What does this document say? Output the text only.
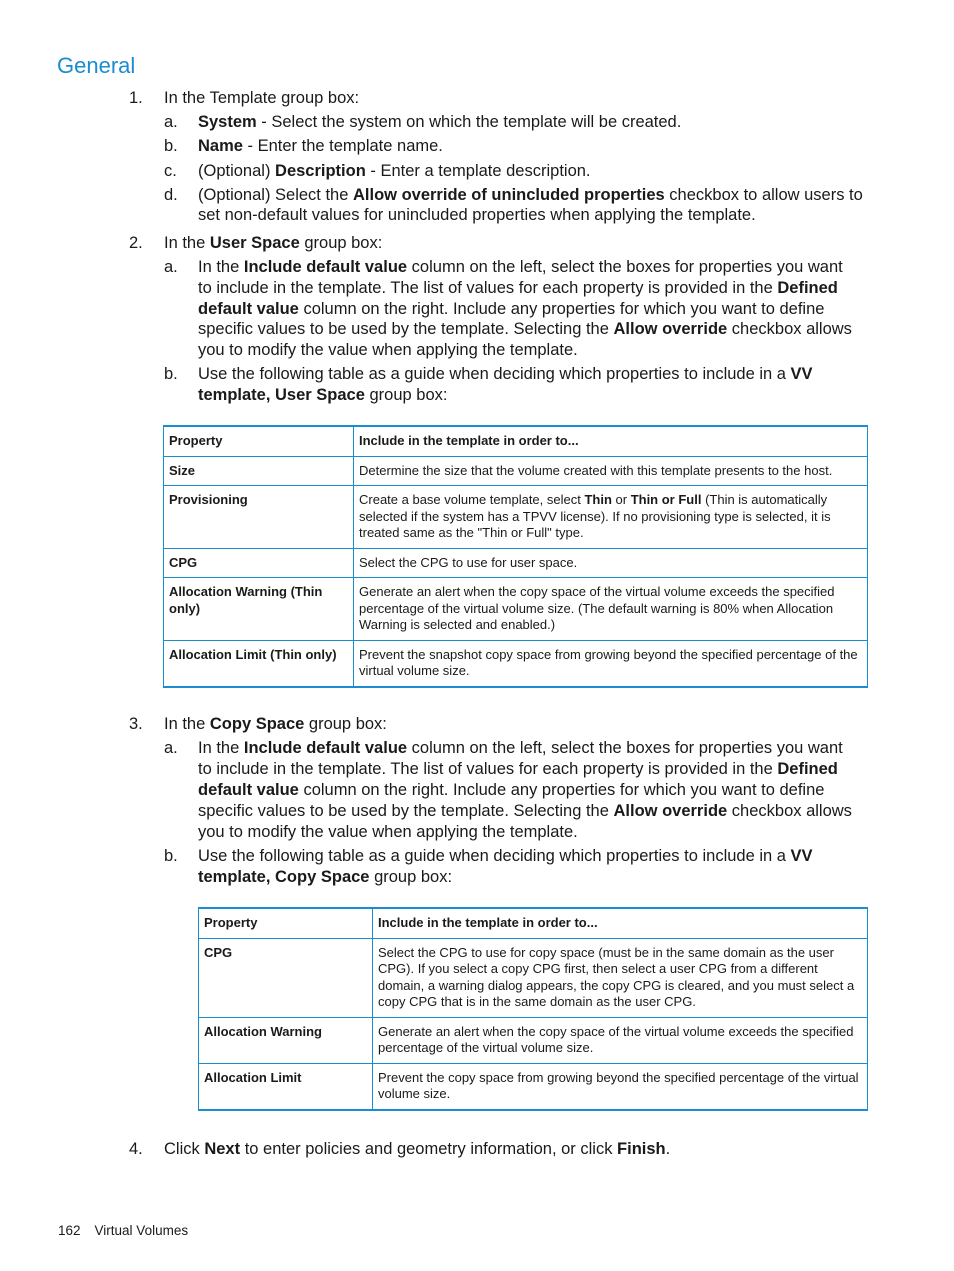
General
1. In the Template group box:
a. System - Select the system on which the template will be created.
b. Name - Enter the template name.
c. (Optional) Description - Enter a template description.
d. (Optional) Select the Allow override of unincluded properties checkbox to allow users to
set non-default values for unincluded properties when applying the template.
2. In the User Space group box:
a. In the Include default value column on the left, select the boxes for properties you want
to include in the template. The list of values for each property is provided in the Defined
default value column on the right. Include any properties for which you want to define
specific values to be used by the template. Selecting the Allow override checkbox allows
you to modify the value when applying the template.
b. Use the following table as a guide when deciding which properties to include in a VV
template, User Space group box:
Property	Include in the template in order to...
Size	Determine the size that the volume created with this template presents to the host.
Provisioning	Create a base volume template, select Thin or Thin or Full (Thin is automatically selected if the system has a TPVV license). If no provisioning type is selected, it is treated same as the "Thin or Full" type.
CPG	Select the CPG to use for user space.
Allocation Warning (Thin only)	Generate an alert when the copy space of the virtual volume exceeds the specified percentage of the virtual volume size. (The default warning is 80% when Allocation Warning is selected and enabled.)
Allocation Limit (Thin only)	Prevent the snapshot copy space from growing beyond the specified percentage of the virtual volume size.
3. In the Copy Space group box:
a. In the Include default value column on the left, select the boxes for properties you want
to include in the template. The list of values for each property is provided in the Defined
default value column on the right. Include any properties for which you want to define
specific values to be used by the template. Selecting the Allow override checkbox allows
you to modify the value when applying the template.
b. Use the following table as a guide when deciding which properties to include in a VV
template, Copy Space group box:
Property	Include in the template in order to...
CPG	Select the CPG to use for copy space (must be in the same domain as the user CPG). If you select a copy CPG first, then select a user CPG from a different domain, a warning dialog appears, the copy CPG is cleared, and you must select a copy CPG that is in the same domain as the user CPG.
Allocation Warning	Generate an alert when the copy space of the virtual volume exceeds the specified percentage of the virtual volume size.
Allocation Limit	Prevent the copy space from growing beyond the specified percentage of the virtual volume size.
4. Click Next to enter policies and geometry information, or click Finish.
162 Virtual Volumes
